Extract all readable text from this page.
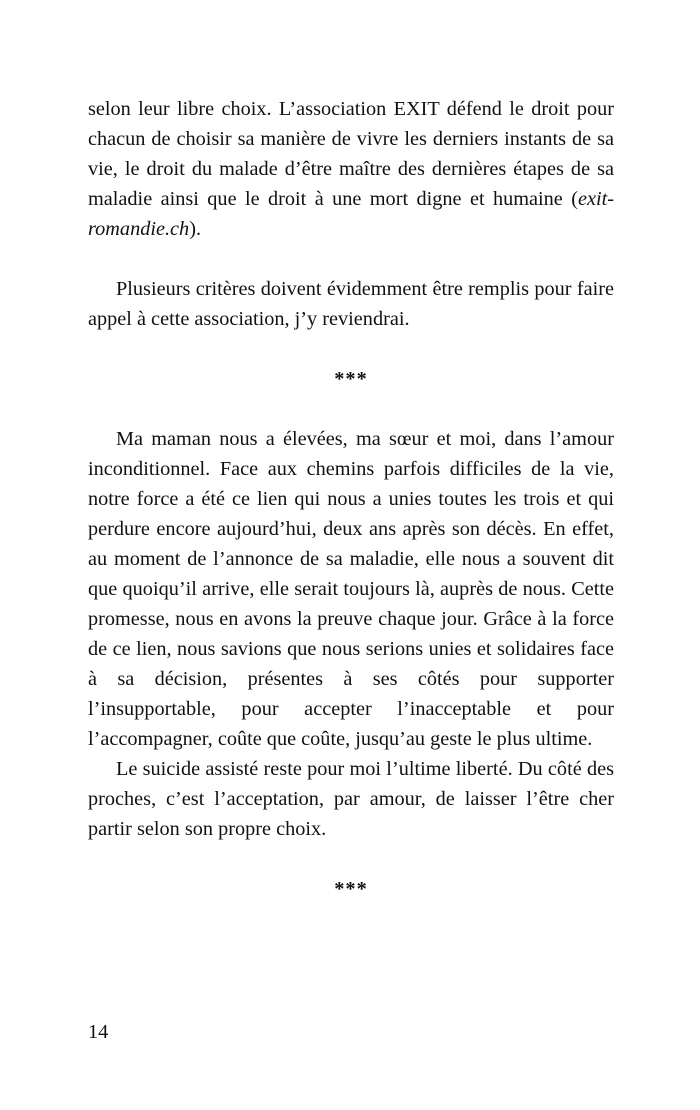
selon leur libre choix. L’association EXIT défend le droit pour chacun de choisir sa manière de vivre les derniers instants de sa vie, le droit du malade d’être maître des dernières étapes de sa maladie ainsi que le droit à une mort digne et humaine (exit-romandie.ch).

Plusieurs critères doivent évidemment être remplis pour faire appel à cette association, j’y reviendrai.

***

Ma maman nous a élevées, ma sœur et moi, dans l’amour inconditionnel. Face aux chemins parfois difficiles de la vie, notre force a été ce lien qui nous a unies toutes les trois et qui perdure encore aujourd’hui, deux ans après son décès. En effet, au moment de l’annonce de sa maladie, elle nous a souvent dit que quoiqu’il arrive, elle serait toujours là, auprès de nous. Cette promesse, nous en avons la preuve chaque jour. Grâce à la force de ce lien, nous savions que nous serions unies et solidaires face à sa décision, présentes à ses côtés pour supporter l’insupportable, pour accepter l’inacceptable et pour l’accompagner, coûte que coûte, jusqu’au geste le plus ultime.

Le suicide assisté reste pour moi l’ultime liberté. Du côté des proches, c’est l’acceptation, par amour, de laisser l’être cher partir selon son propre choix.

***

14
